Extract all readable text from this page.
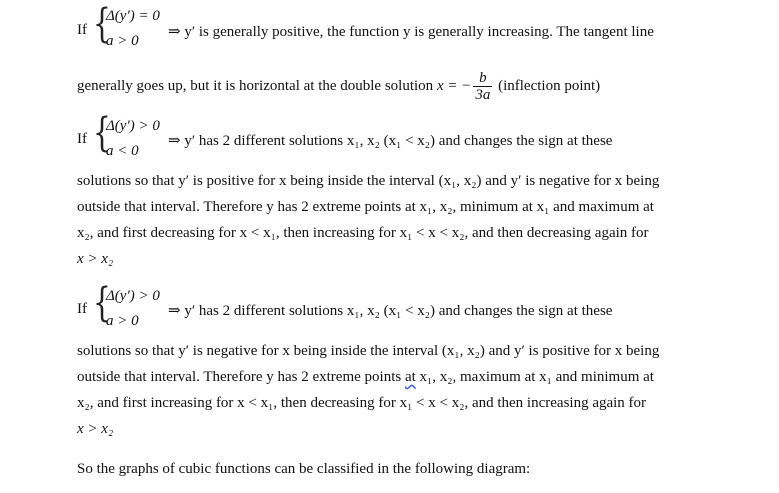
If {
Δ(y′) = 0
a > 0
⇒ y′ is generally positive, the function y is generally increasing. The tangent line
generally goes up, but it is horizontal at the double solution x = − $\frac{b}{3a}$ (inflection point)
If {
Δ(y′) > 0
a < 0
⇒ y′ has 2 different solutions x₁, x₂ (x₁ < x₂) and changes the sign at these
solutions so that y′ is positive for x being inside the interval (x₁, x₂) and y′ is negative for x being
outside that interval. Therefore y has 2 extreme points at x₁, x₂, minimum at x₁ and maximum at
x₂, and first decreasing for x < x₁, then increasing for x₁ < x < x₂, and then decreasing again for
x > x₂
If {
Δ(y′) > 0
a > 0
⇒ y′ has 2 different solutions x₁, x₂ (x₁ < x₂) and changes the sign at these
solutions so that y′ is negative for x being inside the interval (x₁, x₂) and y′ is positive for x being
outside that interval. Therefore y has 2 extreme points at x₁, x₂, maximum at x₁ and minimum at
x₂, and first increasing for x < x₁, then decreasing for x₁ < x < x₂, and then increasing again for
x > x₂
So the graphs of cubic functions can be classified in the following diagram:
